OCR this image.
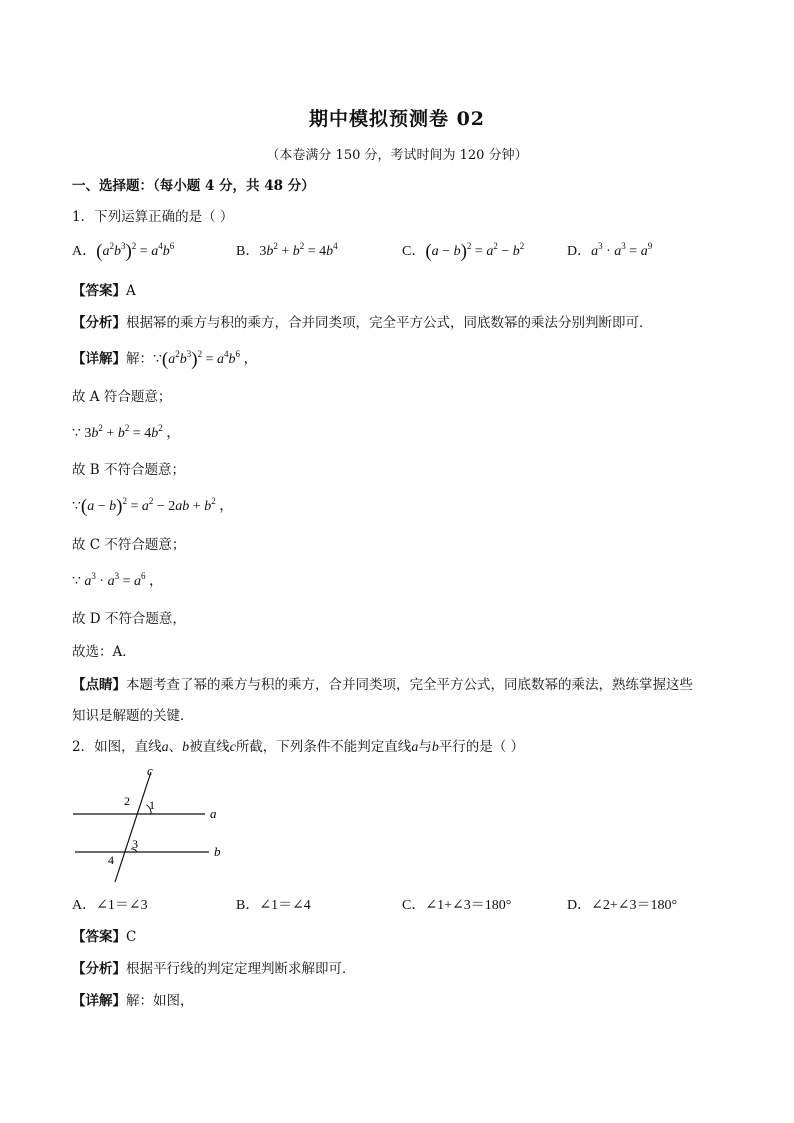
期中模拟预测卷 02
（本卷满分 150 分，考试时间为 120 分钟）
一、选择题：（每小题 4 分，共 48 分）
1．下列运算正确的是（ ）
A．$(a^2b^3)^2 = a^4b^6$	B．$3b^2 + b^2 = 4b^4$	C．$(a - b)^2 = a^2 - b^2$	D．$a^3 \cdot a^3 = a^9$
【答案】A
【分析】根据幂的乘方与积的乘方，合并同类项，完全平方公式，同底数幂的乘法分别判断即可．
【详解】解：$\because(a^2b^3)^2 = a^4b^6$ ，
故 A 符合题意；
∵ $3b^2 + b^2 = 4b^2$ ，
故 B 不符合题意；
∵(a − $b)^2 = a^2 - 2ab + b^2$ ，
故 C 不符合题意；
∵ $a^3 \cdot a^3 = a^6$ ，
故 D 不符合题意，
故选：A．
【点睛】本题考查了幂的乘方与积的乘方，合并同类项，完全平方公式，同底数幂的乘法，熟练掌握这些
知识是解题的关键．
2．如图，直线a、b被直线c所截，下列条件不能判定直线a与b平行的是（ ）
a
b
c
1
2
3
4
A．∠1＝∠3	B．∠1＝∠4	C．∠1+∠3＝180°	D．∠2+∠3＝180°
【答案】C
【分析】根据平行线的判定定理判断求解即可．
【详解】解：如图，
